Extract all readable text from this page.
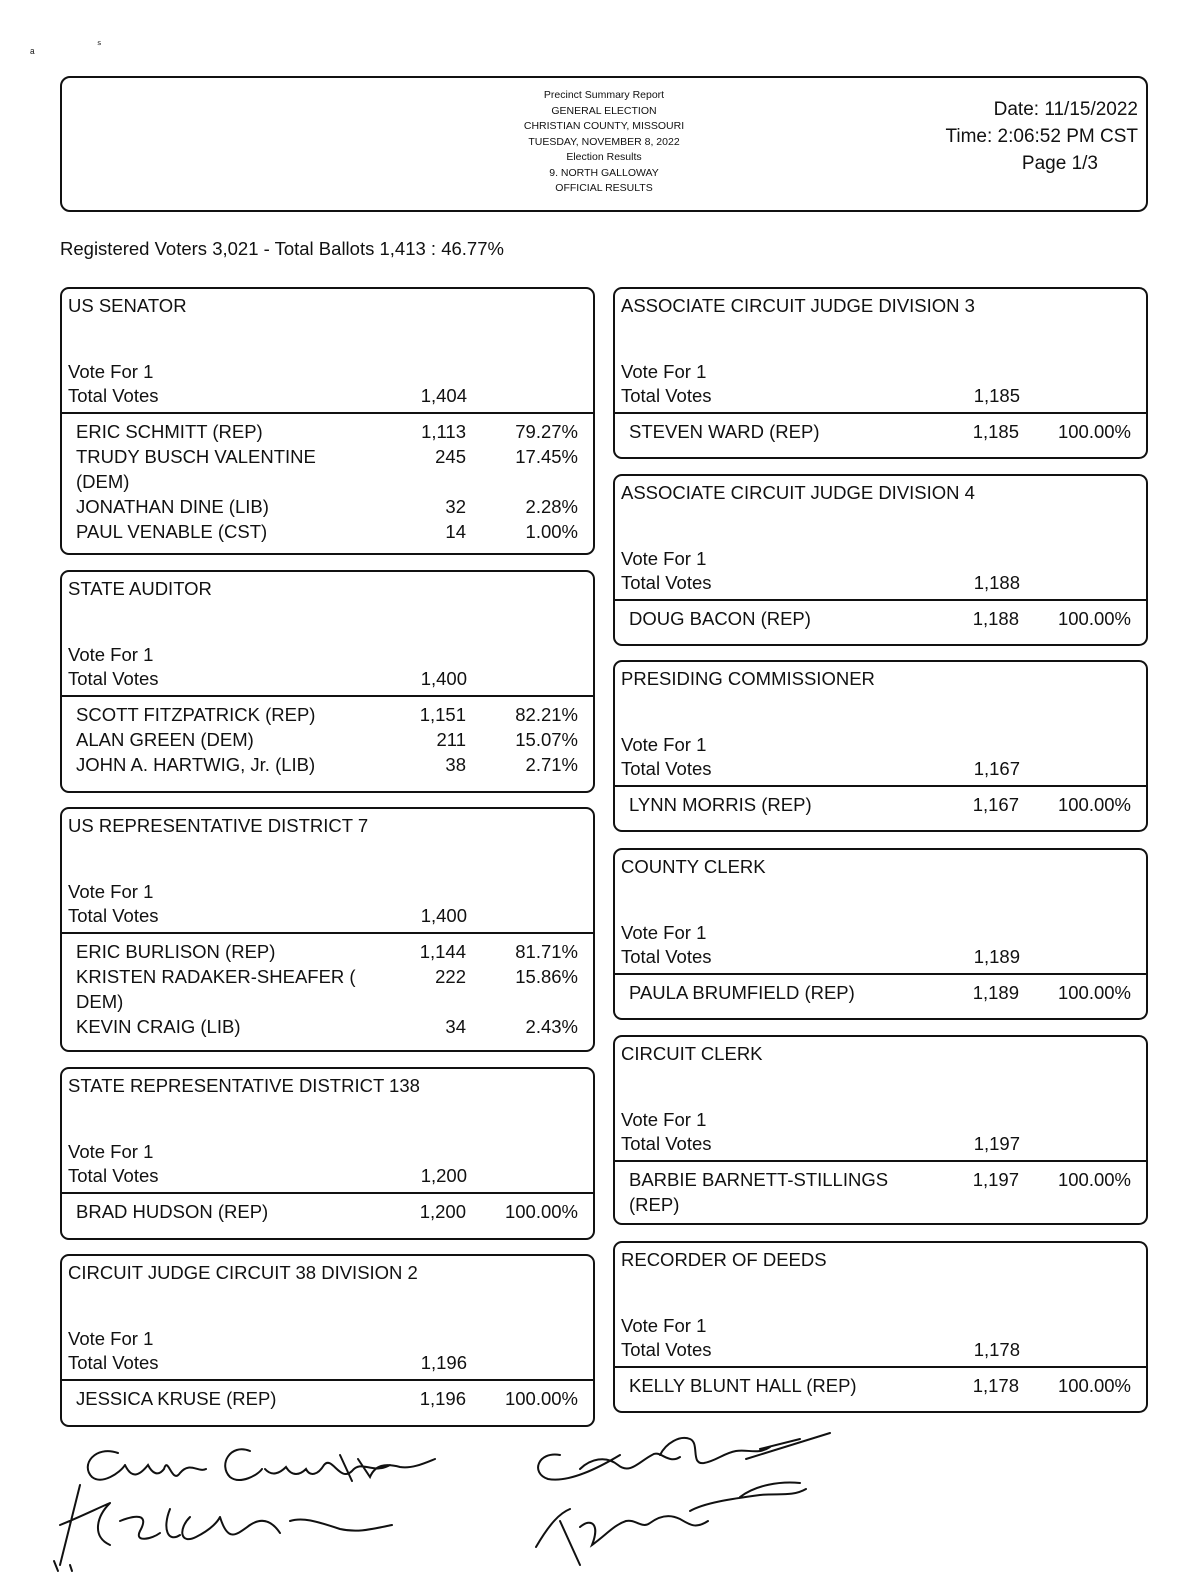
ₐ
ₛ
Precinct Summary Report
GENERAL ELECTION
CHRISTIAN COUNTY, MISSOURI
TUESDAY, NOVEMBER 8, 2022
Election Results
9. NORTH GALLOWAY
OFFICIAL RESULTS
Date: 11/15/2022
Time: 2:06:52 PM CST
Page 1/3
Registered Voters 3,021 - Total Ballots 1,413 : 46.77%
US SENATOR
Vote For 1
Total Votes	1,404
ERIC SCHMITT (REP)	1,113	79.27%
TRUDY BUSCH VALENTINE
(DEM)
245	17.45%
JONATHAN DINE (LIB)	32	2.28%
PAUL VENABLE (CST)	14	1.00%
STATE AUDITOR
Vote For 1
Total Votes	1,400
SCOTT FITZPATRICK (REP)	1,151	82.21%
ALAN GREEN (DEM)	211	15.07%
JOHN A. HARTWIG, Jr. (LIB)	38	2.71%
US REPRESENTATIVE DISTRICT 7
Vote For 1
Total Votes	1,400
ERIC BURLISON (REP)	1,144	81.71%
KRISTEN RADAKER-SHEAFER (
DEM)
222	15.86%
KEVIN CRAIG (LIB)	34	2.43%
STATE REPRESENTATIVE DISTRICT 138
Vote For 1
Total Votes	1,200
BRAD HUDSON (REP)	1,200	100.00%
CIRCUIT JUDGE CIRCUIT 38 DIVISION 2
Vote For 1
Total Votes	1,196
JESSICA KRUSE (REP)	1,196	100.00%
ASSOCIATE CIRCUIT JUDGE DIVISION 3
Vote For 1
Total Votes	1,185
STEVEN WARD (REP)	1,185	100.00%
ASSOCIATE CIRCUIT JUDGE DIVISION 4
Vote For 1
Total Votes	1,188
DOUG BACON (REP)	1,188	100.00%
PRESIDING COMMISSIONER
Vote For 1
Total Votes	1,167
LYNN MORRIS (REP)	1,167	100.00%
COUNTY CLERK
Vote For 1
Total Votes	1,189
PAULA BRUMFIELD (REP)	1,189	100.00%
CIRCUIT CLERK
Vote For 1
Total Votes	1,197
BARBIE BARNETT-STILLINGS
(REP)
1,197	100.00%
RECORDER OF DEEDS
Vote For 1
Total Votes	1,178
KELLY BLUNT HALL (REP)	1,178	100.00%
